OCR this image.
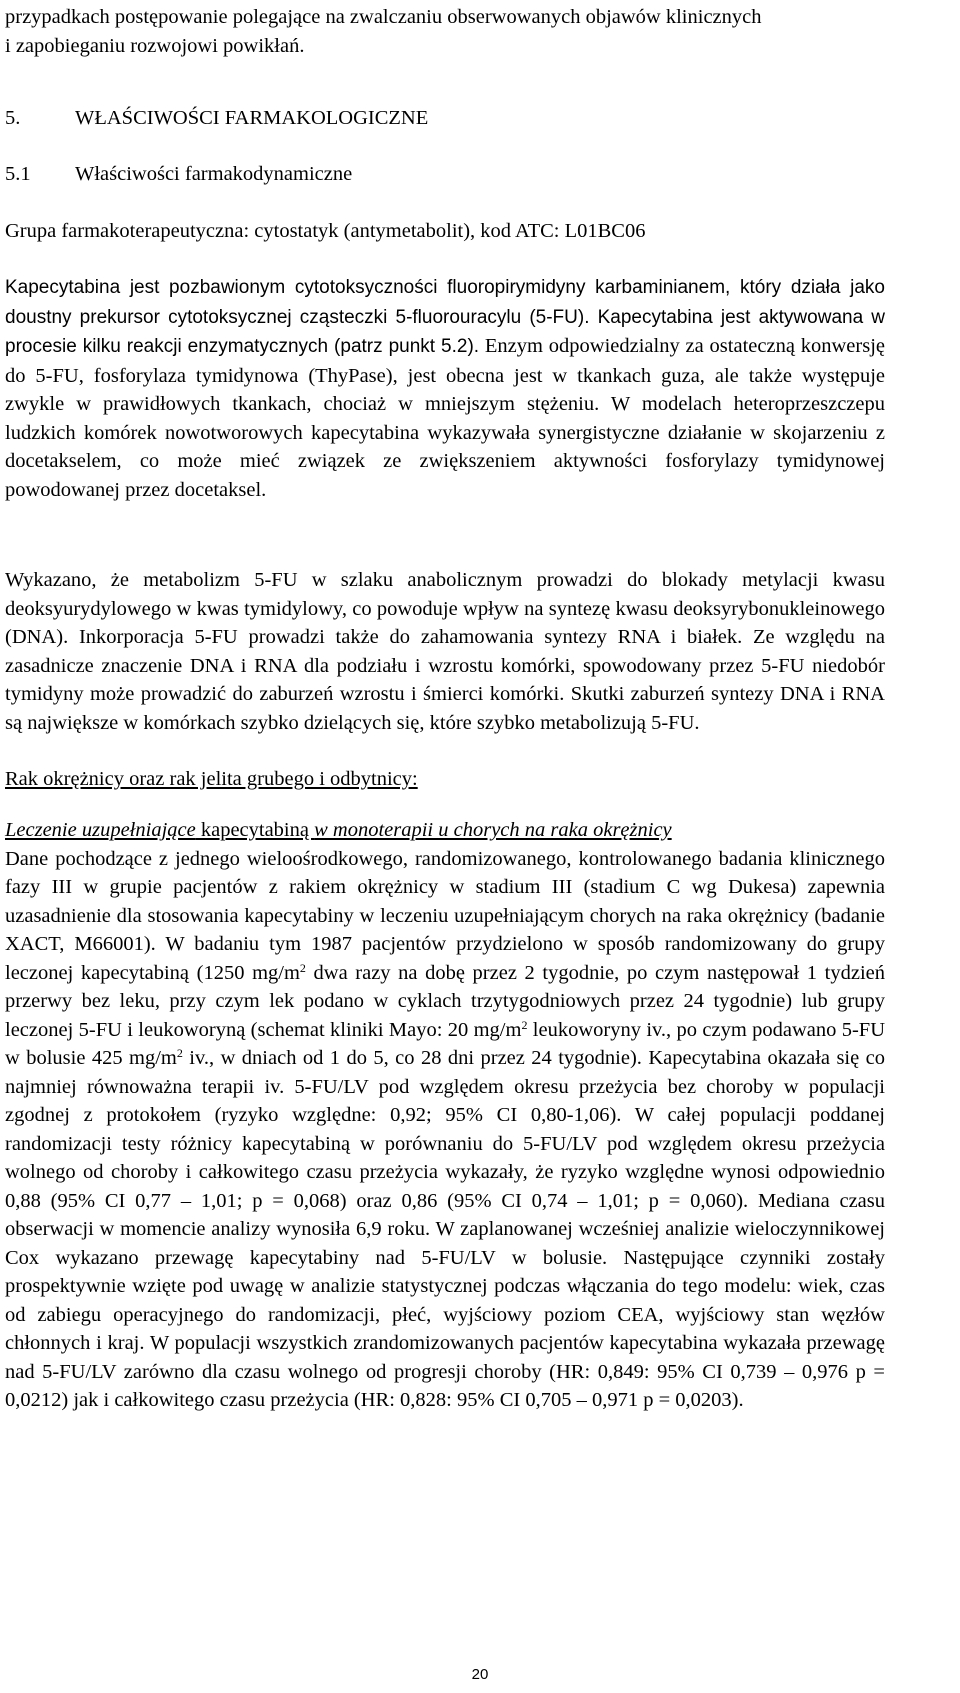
przypadkach postępowanie polegające na zwalczaniu obserwowanych objawów klinicznych
i zapobieganiu rozwojowi powikłań.

5.	WŁAŚCIWOŚCI FARMAKOLOGICZNE
5.1 Właściwości farmakodynamiczne

Grupa farmakoterapeutyczna: cytostatyk (antymetabolit), kod ATC: L01BC06

Kapecytabina jest pozbawionym cytotoksyczności fluoropirymidyny karbaminianem, który działa jako doustny prekursor cytotoksycznej cząsteczki 5-fluorouracylu (5-FU). Kapecytabina jest aktywowana w procesie kilku reakcji enzymatycznych (patrz punkt 5.2). Enzym odpowiedzialny za ostateczną konwersję do 5-FU, fosforylaza tymidynowa (ThyPase), jest obecna jest w tkankach guza, ale także występuje zwykle w prawidłowych tkankach, chociaż w mniejszym stężeniu. W modelach heteroprzeszczepu ludzkich komórek nowotworowych kapecytabina wykazywała synergistyczne działanie w skojarzeniu z docetakselem, co może mieć związek ze zwiększeniem aktywności fosforylazy tymidynowej powodowanej przez docetaksel.

Wykazano, że metabolizm 5-FU w szlaku anabolicznym prowadzi do blokady metylacji kwasu deoksyurydylowego w kwas tymidylowy, co powoduje wpływ na syntezę kwasu deoksyrybonukleinowego (DNA). Inkorporacja 5-FU prowadzi także do zahamowania syntezy RNA i białek. Ze względu na zasadnicze znaczenie DNA i RNA dla podziału i wzrostu komórki, spowodowany przez 5-FU niedobór tymidyny może prowadzić do zaburzeń wzrostu i śmierci komórki. Skutki zaburzeń syntezy DNA i RNA są największe w komórkach szybko dzielących się, które szybko metabolizują 5-FU.

Rak okrężnicy oraz rak jelita grubego i odbytnicy:

Leczenie uzupełniające kapecytabiną w monoterapii u chorych na raka okrężnicy

Dane pochodzące z jednego wieloośrodkowego, randomizowanego, kontrolowanego badania klinicznego fazy III w grupie pacjentów z rakiem okrężnicy w stadium III (stadium C wg Dukesa) zapewnia uzasadnienie dla stosowania kapecytabiny w leczeniu uzupełniającym chorych na raka okrężnicy (badanie XACT, M66001). W badaniu tym 1987 pacjentów przydzielono w sposób randomizowany do grupy leczonej kapecytabiną (1250 $mg/m^2$ dwa razy na dobę przez 2 tygodnie, po czym następował 1 tydzień przerwy bez leku, przy czym lek podano w cyklach trzytygodniowych przez 24 tygodnie) lub grupy leczonej 5-FU i leukoworyną (schemat kliniki Mayo: 20 $mg/m^2$ leukoworyny iv., po czym podawano 5-FU w bolusie 425 $mg/m^2$ iv., w dniach od 1 do 5, co 28 dni przez 24 tygodnie). Kapecytabina okazała się co najmniej równoważna terapii iv. 5-FU/LV pod względem okresu przeżycia bez choroby w populacji zgodnej z protokołem (ryzyko względne: 0,92; 95% CI 0,80-1,06). W całej populacji poddanej randomizacji testy różnicy kapecytabiną w porównaniu do 5-FU/LV pod względem okresu przeżycia wolnego od choroby i całkowitego czasu przeżycia wykazały, że ryzyko względne wynosi odpowiednio 0,88 (95% CI 0,77 – 1,01; p = 0,068) oraz 0,86 (95% CI 0,74 – 1,01; p = 0,060). Mediana czasu obserwacji w momencie analizy wynosiła 6,9 roku. W zaplanowanej wcześniej analizie wieloczynnikowej Cox wykazano przewagę kapecytabiny nad 5-FU/LV w bolusie. Następujące czynniki zostały prospektywnie wzięte pod uwagę w analizie statystycznej podczas włączania do tego modelu: wiek, czas od zabiegu operacyjnego do randomizacji, płeć, wyjściowy poziom CEA, wyjściowy stan węzłów chłonnych i kraj. W populacji wszystkich zrandomizowanych pacjentów kapecytabina wykazała przewagę nad 5-FU/LV zarówno dla czasu wolnego od progresji choroby (HR: 0,849: 95% CI 0,739 – 0,976 p = 0,0212) jak i całkowitego czasu przeżycia (HR: 0,828: 95% CI 0,705 – 0,971 p = 0,0203).

20
